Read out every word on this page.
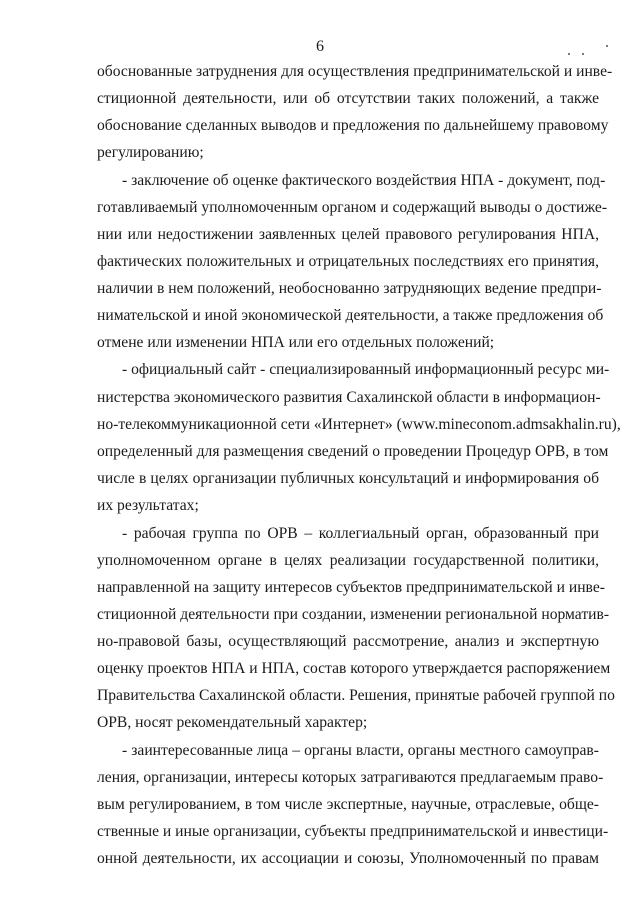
6
обоснованные затруднения для осуществления предпринимательской и инве-
стиционной деятельности, или об отсутствии таких положений, а также
обоснование сделанных выводов и предложения по дальнейшему правовому
регулированию;
- заключение об оценке фактического воздействия НПА - документ, под-
готавливаемый уполномоченным органом и содержащий выводы о достиже-
нии или недостижении заявленных целей правового регулирования НПА,
фактических положительных и отрицательных последствиях его принятия,
наличии в нем положений, необоснованно затрудняющих ведение предпри-
нимательской и иной экономической деятельности, а также предложения об
отмене или изменении НПА или его отдельных положений;
- официальный сайт - специализированный информационный ресурс ми-
нистерства экономического развития Сахалинской области в информацион-
но-телекоммуникационной сети «Интернет» (www.mineconom.admsakhalin.ru),
определенный для размещения сведений о проведении Процедур ОРВ, в том
числе в целях организации публичных консультаций и информирования об
их результатах;
- рабочая группа по ОРВ – коллегиальный орган, образованный при
уполномоченном органе в целях реализации государственной политики,
направленной на защиту интересов субъектов предпринимательской и инве-
стиционной деятельности при создании, изменении региональной норматив-
но-правовой базы, осуществляющий рассмотрение, анализ и экспертную
оценку проектов НПА и НПА, состав которого утверждается распоряжением
Правительства Сахалинской области. Решения, принятые рабочей группой по
ОРВ, носят рекомендательный характер;
- заинтересованные лица – органы власти, органы местного самоуправ-
ления, организации, интересы которых затрагиваются предлагаемым право-
вым регулированием, в том числе экспертные, научные, отраслевые, обще-
ственные и иные организации, субъекты предпринимательской и инвестици-
онной деятельности, их ассоциации и союзы, Уполномоченный по правам
